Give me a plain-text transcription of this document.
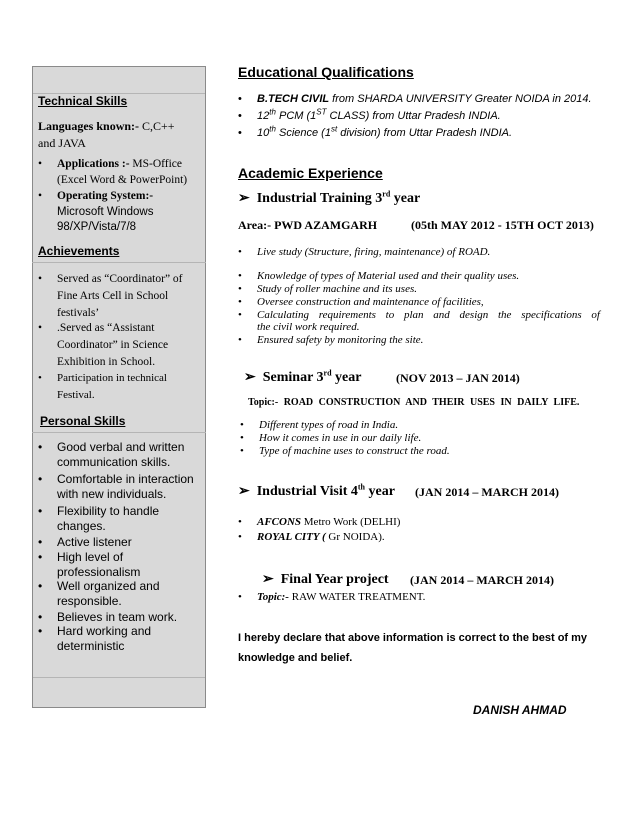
Technical Skills
Languages known:- C,C++
and JAVA
• Applications :- MS-Office
(Excel Word & PowerPoint)
• Operating System:-
Microsoft Windows
98/XP/Vista/7/8
Achievements
• Served as “Coordinator” of
Fine Arts Cell in School
festivals’
• .Served as “Assistant
Coordinator” in Science
Exhibition in School.
• Participation in technical
Festival.
Personal Skills
• Good verbal and written
communication skills.
• Comfortable in interaction
with new individuals.
• Flexibility to handle
changes.
• Active listener
• High level of
professionalism
• Well organized and
responsible.
• Believes in team work.
• Hard working and
deterministic
Educational Qualifications
• B.TECH CIVIL from SHARDA UNIVERSITY Greater NOIDA in 2014.
• 12th PCM (1ST CLASS) from Uttar Pradesh INDIA.
• 10th Science (1st division) from Uttar Pradesh INDIA.
Academic Experience
➢ Industrial Training 3rd year
Area:- PWD AZAMGARH	(05th MAY 2012 - 15TH OCT 2013)
• Live study (Structure, firing, maintenance) of ROAD.
• Knowledge of types of Material used and their quality uses.
• Study of roller machine and its uses.
• Oversee construction and maintenance of facilities,
• Calculating requirements to plan and design the specifications of
the civil work required.
• Ensured safety by monitoring the site.
➢ Seminar 3rd year	(NOV 2013 – JAN 2014)
Topic:- ROAD CONSTRUCTION AND THEIR USES IN DAILY LIFE.
• Different types of road in India.
• How it comes in use in our daily life.
• Type of machine uses to construct the road.
➢ Industrial Visit 4th year (JAN 2014 – MARCH 2014)
• AFCONS Metro Work (DELHI)
• ROYAL CITY ( Gr NOIDA).
➢ Final Year project (JAN 2014 – MARCH 2014)
• Topic:- RAW WATER TREATMENT.
I hereby declare that above information is correct to the best of my
knowledge and belief.
DANISH AHMAD
